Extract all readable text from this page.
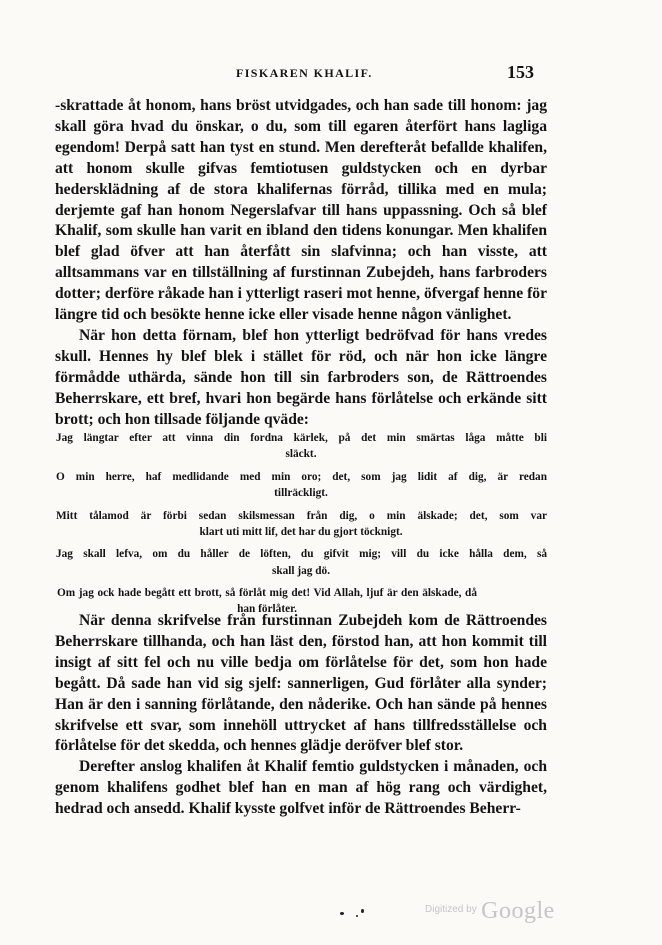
FISKAREN KHALIF.	153

-skrattade åt honom, hans bröst utvidgades, och han sade till honom: jag skall göra hvad du önskar, o du, som till egaren återfört hans lagliga egendom! Derpå satt han tyst en stund. Men derefteråt befallde khalifen, att honom skulle gifvas femtiotusen guldstycken och en dyrbar hedersklädning af de stora khalifernas förråd, tillika med en mula; derjemte gaf han honom Negerslafvar till hans uppassning. Och så blef Khalif, som skulle han varit en ibland den tidens konungar. Men khalifen blef glad öfver att han återfått sin slafvinna; och han visste, att alltsammans var en tillställning af furstinnan Zubejdeh, hans farbroders dotter; derföre råkade han i ytterligt raseri mot henne, öfvergaf henne för längre tid och besökte henne icke eller visade henne någon vänlighet.

När hon detta förnam, blef hon ytterligt bedröfvad för hans vredes skull. Hennes hy blef blek i stället för röd, och när hon icke längre förmådde uthärda, sände hon till sin farbroders son, de Rättroendes Beherrskare, ett bref, hvari hon begärde hans förlåtelse och erkände sitt brott; och hon tillsade följande qväde:

Jag längtar efter att vinna din fordna kärlek, på det min smärtas låga måtte bli
släckt.
O min herre, haf medlidande med min oro; det, som jag lidit af dig, är redan
tillräckligt.
Mitt tålamod är förbi sedan skilsmessan från dig, o min älskade; det, som var
klart uti mitt lif, det har du gjort töcknigt.
Jag skall lefva, om du håller de löften, du gifvit mig; vill du icke hålla dem, så
skall jag dö.
Om jag ock hade begått ett brott, så förlåt mig det! Vid Allah, ljuf är den älskade, då han förlåter.

När denna skrifvelse från furstinnan Zubejdeh kom de Rättroendes Beherrskare tillhanda, och han läst den, förstod han, att hon kommit till insigt af sitt fel och nu ville bedja om förlåtelse för det, som hon hade begått. Då sade han vid sig sjelf: sannerligen, Gud förlåter alla synder; Han är den i sanning förlåtande, den nåderike. Och han sände på hennes skrifvelse ett svar, som innehöll uttrycket af hans tillfredsställelse och förlåtelse för det skedda, och hennes glädje deröfver blef stor.

Derefter anslog khalifen åt Khalif femtio guldstycken i månaden, och genom khalifens godhet blef han en man af hög rang och värdighet, hedrad och ansedd. Khalif kysste golfvet inför de Rättroendes Beherr-

$^{Digitized by}$ Google
